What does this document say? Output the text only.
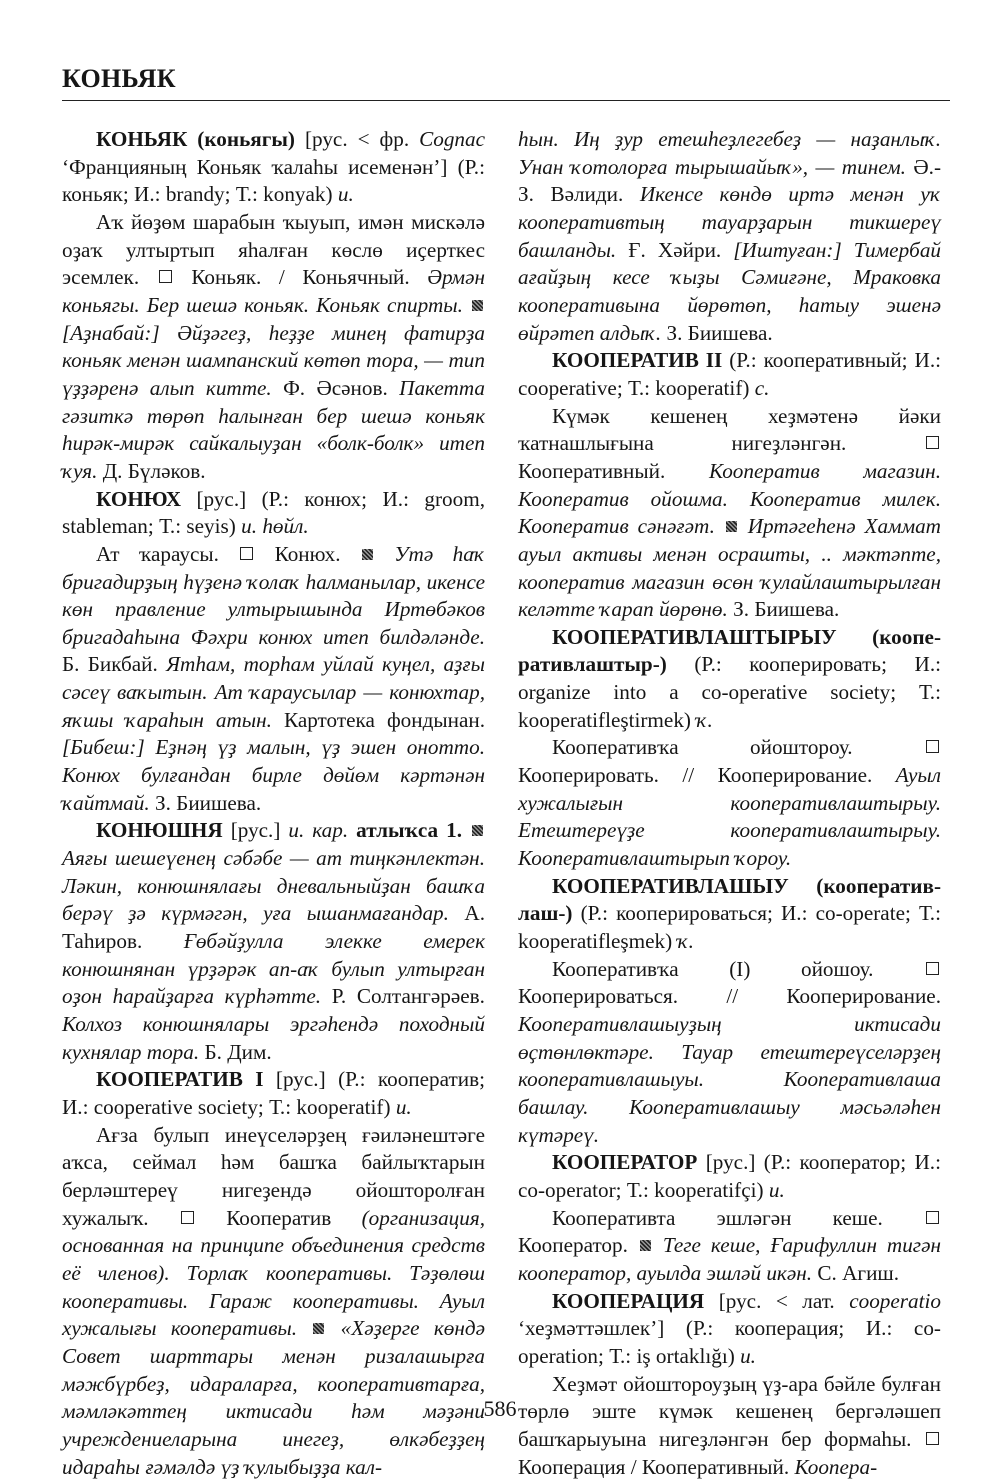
КОНЬЯК

КОНЬЯК (коньягы) [рус. < фр. Cognac ‘Францияның Коньяк ҡалаһы исеменән’] (Р.: коньяк; И.: brandy; Т.: konyak) и.

Аҡ йөҙөм шарабын ҡыуып, имән мискәлә оҙаҡ ултыртып яһалған көслө иҫерткес эсемлек.  Коньяк. / Коньячный. Әрмән коньягы. Бер шешә коньяк. Коньяк спирты.  [Аҙнабай:] Әйҙәгеҙ, һеҙҙе минең фатирҙа коньяк менән шампанский көтөп тора, — тип үҙҙәренә алып китте. Ф. Әсәнов. Пакетта гәзиткә төрөп һалынған бер шешә коньяк һирәк-мирәк сайкалыуҙан «болк-болк» итеп ҡуя. Д. Бүләков.

КОНЮХ [рус.] (Р.: конюх; И.: groom, stableman; Т.: seyis) и. һөйл.

Ат ҡараусы.  Конюх.  Утә һаҡ бригадирҙың һүҙенә ҡолаҡ һалманылар, икенсе көн правление ултырышында Иртөбәков бригадаһына Фәхри конюх итеп билдәләнде. Б. Бикбай. Ятһам, торһам уйлай куңел, аҙғы сәсеү ваҡытын. Ат ҡараусылар — конюхтар, яҡшы ҡараһын атын. Картотека фондынан. [Бибеш:] Еҙнәң үҙ малын, үҙ эшен онотто. Конюх булғандан бирле дөйөм кәртәнән ҡайтмай. З. Биишева.

КОНЮШНЯ [рус.] и. кар. атлыҡса 1.  Аяғы шешеүенең сәбәбе — ат тиңкәнлектән. Ләкин, конюшнялағы дневальныйҙан башҡа берәү ҙә күрмәгән, уға ышанмағандар. А. Таһиров. Ғөбәйҙулла элекке емерек конюшнянан үрҙәрәк ап-аҡ булып ултырған оҙон һарайҙарға күрһәтте. Р. Солтангәрәев. Колхоз конюшнялары эргәһендә походный кухнялар тора. Б. Дим.

КООПЕРАТИВ I [рус.] (Р.: кооператив; И.: cooperative society; Т.: kooperatif) и.

Ағза булып инеүселәрҙең ғәиләнештәге аҡса, сеймал һәм башҡа байлыҡтарын берләштереү нигеҙендә ойошторолған хужалыҡ.  Кооператив (организация, основанная на принципе объединения средств её членов). Торлаҡ кооперативы. Тәҙөлөш кооперативы. Гараж кооперативы. Ауыл хужалығы кооперативы.  «Хәҙерге көндә Совет шарттары менән ризалашырға мәжбүрбеҙ, идараларға, кооперативтарға, мәмләкәттең иктисади һәм мәҙәни учреждениеларына инегеҙ, өлкәбеҙҙең идараһы ғәмәлдә үҙ ҡулыбыҙҙа кал-

һын. Иң ҙур етешһеҙлегебеҙ — наҙанлыҡ. Унан ҡотолорға тырышайыҡ», — тинем. Ә.-З. Вәлиди. Икенсе көндө иртә менән уҡ кооперативтың тауарҙарын тикшереү башланды. Ғ. Хәйри. [Иштуған:] Тимербай ағайҙың кесе ҡыҙы Сәмиғәне, Мраковка кооперативына йөрөтөп, һатыу эшенә өйрәтеп алдыҡ. З. Биишева.

КООПЕРАТИВ II (Р.: кооперативный; И.: cooperative; Т.: kooperatif) с.

Күмәк кешенең хеҙмәтенә йәки ҡатнашлығына нигеҙләнгән.  Кооперативный. Кооператив магазин. Кооператив ойошма. Кооператив милек. Кооператив сәнәғәт.  Иртәгеһенә Хаммат ауыл активы менән осрашты, .. мәктәпте, кооператив магазин өсөн ҡулайлаштырылған келәтте ҡарап йөрөнө. З. Биишева.

КООПЕРАТИВЛАШТЫРЫУ (кооперативлаштыр-) (Р.: кооперировать; И.: organize into a co-operative society; Т.: kooperatifleştirmek) ҡ.

Кооперативҡа ойоштороу.  Кооперировать. // Кооперирование. Ауыл хужалығын кооперативлаштырыу. Етештереүҙе кооперативлаштырыу. Кооперативлаштырып ҡороу.

КООПЕРАТИВЛАШЫУ (кооперативлаш-) (Р.: кооперироваться; И.: co-operate; Т.: kooperatifleşmek) ҡ.

Кооперативҡа (I) ойошоу.  Кооперироваться. // Кооперирование. Кооперативлашыуҙың иктисади өҫтөнлөктәре. Тауар етештереүселәрҙең кооперативлашыуы. Кооперативлаша башлау. Кооперативлашыу мәсьәләһен күтәреү.

КООПЕРАТОР [рус.] (Р.: кооператор; И.: co-operator; Т.: kooperatifçi) и.

Кооперативта эшләгән кеше.  Кооператор.  Теге кеше, Ғарифуллин тигән кооператор, ауылда эшләй икән. С. Агиш.

КООПЕРАЦИЯ [рус. < лат. cooperatio ‘хеҙмәттәшлек’] (Р.: кооперация; И.: co-operation; Т.: iş ortaklığı) и.

Хеҙмәт ойоштороуҙың үҙ-ара бәйле булған төрлө эште күмәк кешенең бергәләшеп башҡарыуына нигеҙләнгән бер формаһы.  Кооперация / Кооперативный. Коопера-

586
